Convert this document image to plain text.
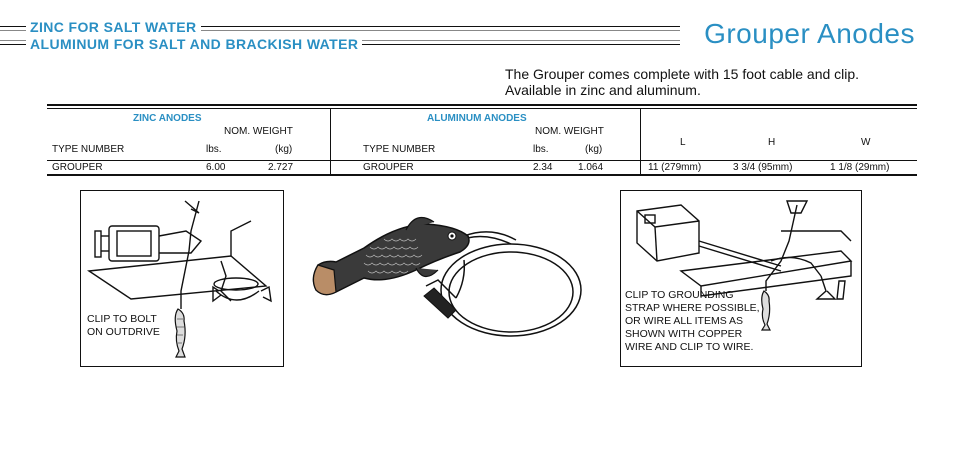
ZINC FOR SALT WATER
ALUMINUM FOR SALT AND BRACKISH WATER	Grouper Anodes
The Grouper comes complete with 15 foot cable and clip.
Available in zinc and aluminum.
ZINC ANODES
NOM. WEIGHT
TYPE NUMBER	lbs.	(kg)
GROUPER	6.00	2.727
ALUMINUM ANODES
NOM. WEIGHT
TYPE NUMBER	lbs.	(kg)
GROUPER	2.34	1.064
L	H	W
11 (279mm)	3 3/4 (95mm)	1 1/8 (29mm)
CLIP TO BOLT
ON OUTDRIVE
CLIP TO GROUNDING
STRAP WHERE POSSIBLE,
OR WIRE ALL ITEMS AS
SHOWN WITH COPPER
WIRE AND CLIP TO WIRE.
